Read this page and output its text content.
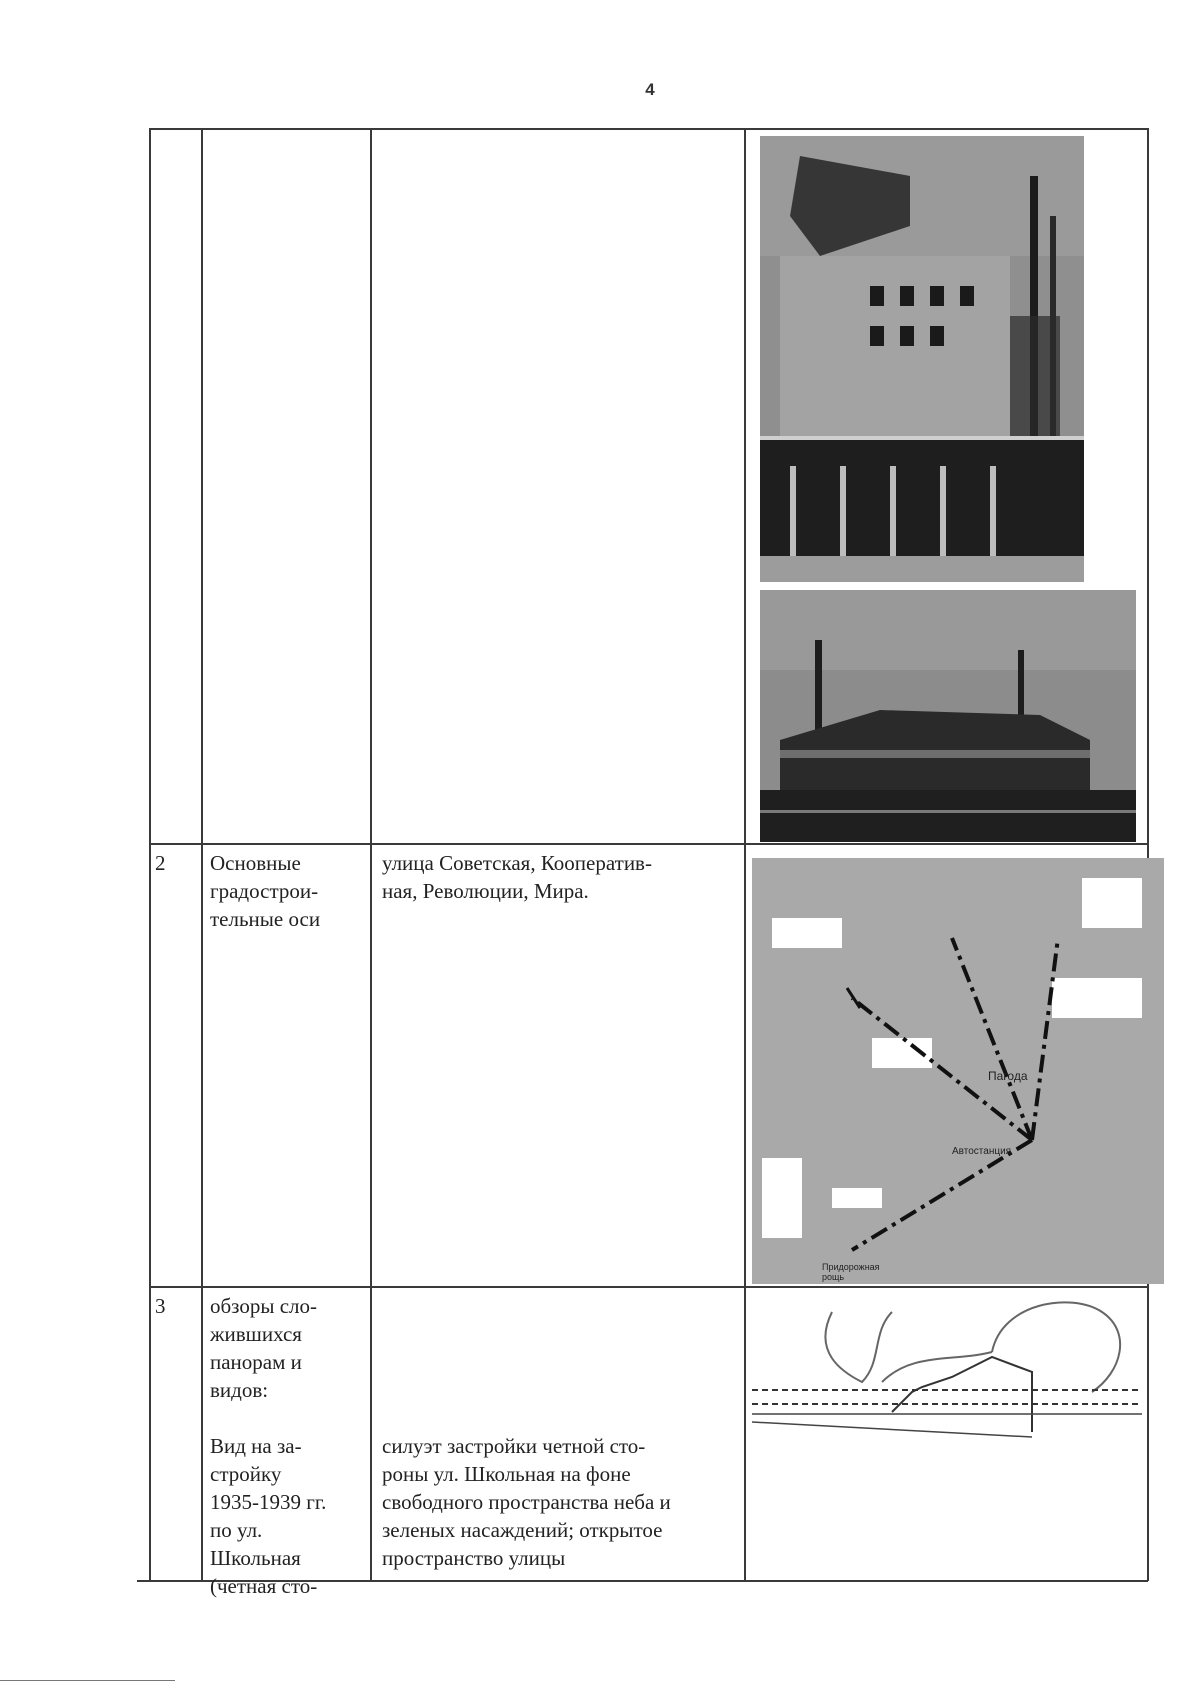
4
2	Основные
градострои-
тельные оси
улица Советская, Кооператив-
ная, Революции, Мира.
3	обзоры сло-
жившихся
панорам и
видов:
Вид на за-
стройку
1935-1939 гг.
по ул.
Школьная
(четная сто-
силуэт застройки четной сто-
роны ул. Школьная на фоне
свободного пространства неба и
зеленых насаждений; открытое
пространство улицы
Пагода
Автостанция
Придорожная рощь
